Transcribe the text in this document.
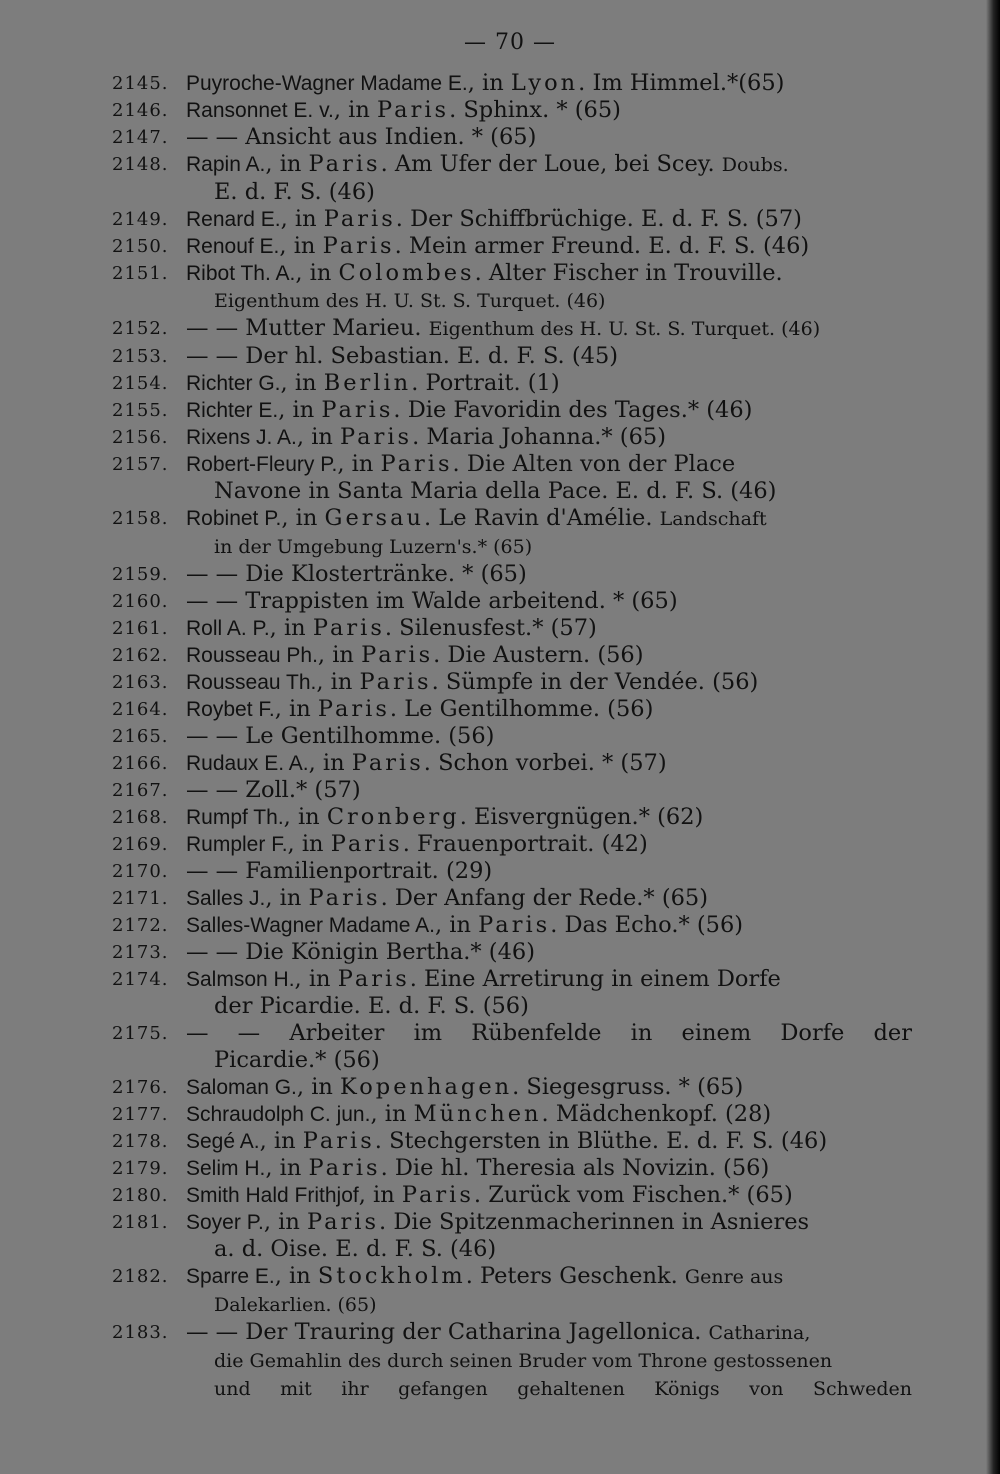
— 70 —
2145. Puyroche-Wagner Madame E., in Lyon. Im Himmel.*(65)
2146. Ransonnet E. v., in Paris. Sphinx. * (65)
2147. — — Ansicht aus Indien. * (65)
2148. Rapin A., in Paris. Am Ufer der Loue, bei Scey. Doubs.
E. d. F. S. (46)
2149. Renard E., in Paris. Der Schiffbrüchige. E. d. F. S. (57)
2150. Renouf E., in Paris. Mein armer Freund. E. d. F. S. (46)
2151. Ribot Th. A., in Colombes. Alter Fischer in Trouville.
Eigenthum des H. U. St. S. Turquet. (46)
2152. — — Mutter Marieu. Eigenthum des H. U. St. S. Turquet. (46)
2153. — — Der hl. Sebastian. E. d. F. S. (45)
2154. Richter G., in Berlin. Portrait. (1)
2155. Richter E., in Paris. Die Favoridin des Tages.* (46)
2156. Rixens J. A., in Paris. Maria Johanna.* (65)
2157. Robert-Fleury P., in Paris. Die Alten von der Place
Navone in Santa Maria della Pace. E. d. F. S. (46)
2158. Robinet P., in Gersau. Le Ravin d'Amélie. Landschaft
in der Umgebung Luzern's.* (65)
2159. — — Die Klostertränke. * (65)
2160. — — Trappisten im Walde arbeitend. * (65)
2161. Roll A. P., in Paris. Silenusfest.* (57)
2162. Rousseau Ph., in Paris. Die Austern. (56)
2163. Rousseau Th., in Paris. Sümpfe in der Vendée. (56)
2164. Roybet F., in Paris. Le Gentilhomme. (56)
2165. — — Le Gentilhomme. (56)
2166. Rudaux E. A., in Paris. Schon vorbei. * (57)
2167. — — Zoll.* (57)
2168. Rumpf Th., in Cronberg. Eisvergnügen.* (62)
2169. Rumpler F., in Paris. Frauenportrait. (42)
2170. — — Familienportrait. (29)
2171. Salles J., in Paris. Der Anfang der Rede.* (65)
2172. Salles-Wagner Madame A., in Paris. Das Echo.* (56)
2173. — — Die Königin Bertha.* (46)
2174. Salmson H., in Paris. Eine Arretirung in einem Dorfe
der Picardie. E. d. F. S. (56)
2175. — — Arbeiter im Rübenfelde in einem Dorfe der
Picardie.* (56)
2176. Saloman G., in Kopenhagen. Siegesgruss. * (65)
2177. Schraudolph C. jun., in München. Mädchenkopf. (28)
2178. Segé A., in Paris. Stechgersten in Blüthe. E. d. F. S. (46)
2179. Selim H., in Paris. Die hl. Theresia als Novizin. (56)
2180. Smith Hald Frithjof, in Paris. Zurück vom Fischen.* (65)
2181. Soyer P., in Paris. Die Spitzenmacherinnen in Asnieres
a. d. Oise. E. d. F. S. (46)
2182. Sparre E., in Stockholm. Peters Geschenk. Genre aus
Dalekarlien. (65)
2183. — — Der Trauring der Catharina Jagellonica. Catharina,
die Gemahlin des durch seinen Bruder vom Throne gestossenen
und mit ihr gefangen gehaltenen Königs von Schweden
